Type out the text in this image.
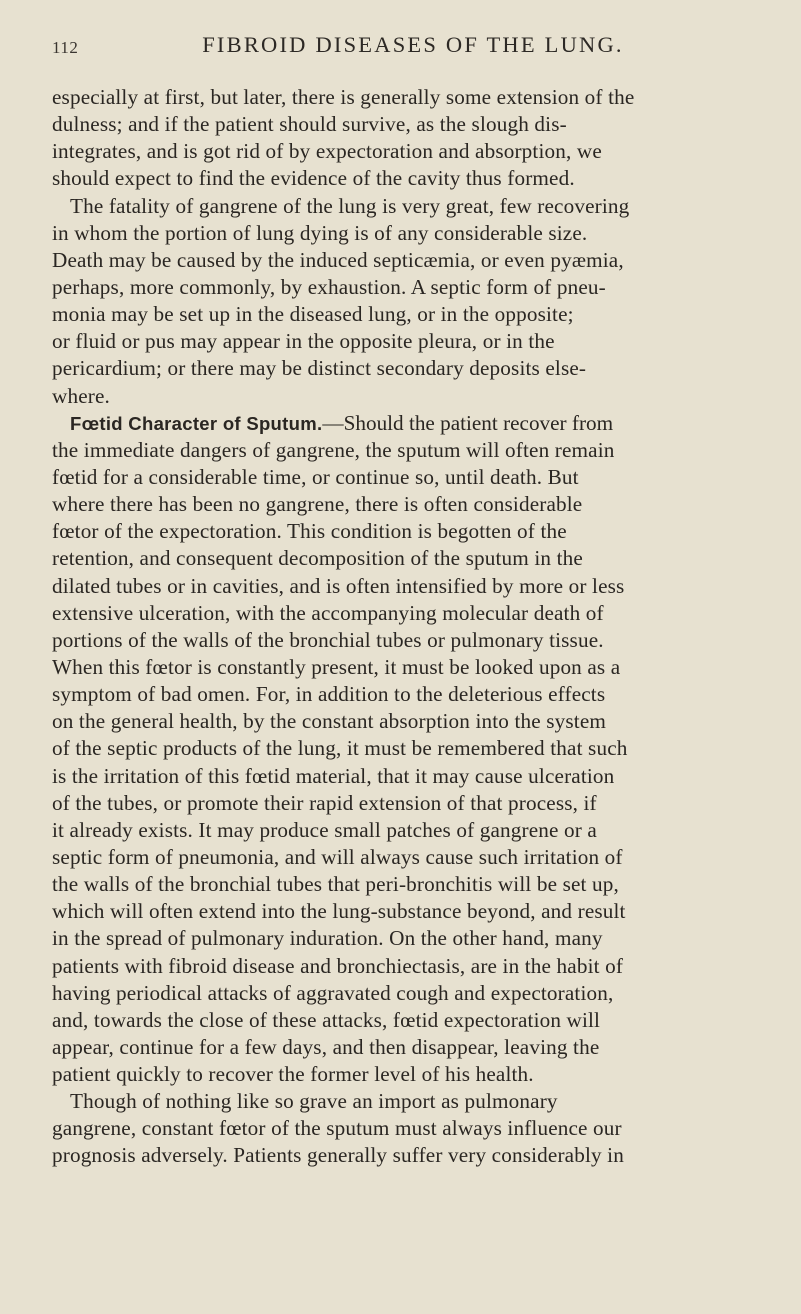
112	FIBROID DISEASES OF THE LUNG.
especially at first, but later, there is generally some extension of the
dulness; and if the patient should survive, as the slough dis-
integrates, and is got rid of by expectoration and absorption, we
should expect to find the evidence of the cavity thus formed.
The fatality of gangrene of the lung is very great, few recovering
in whom the portion of lung dying is of any considerable size.
Death may be caused by the induced septicæmia, or even pyæmia,
perhaps, more commonly, by exhaustion. A septic form of pneu-
monia may be set up in the diseased lung, or in the opposite;
or fluid or pus may appear in the opposite pleura, or in the
pericardium; or there may be distinct secondary deposits else-
where.
Fœtid Character of Sputum.—Should the patient recover from
the immediate dangers of gangrene, the sputum will often remain
fœtid for a considerable time, or continue so, until death. But
where there has been no gangrene, there is often considerable
fœtor of the expectoration. This condition is begotten of the
retention, and consequent decomposition of the sputum in the
dilated tubes or in cavities, and is often intensified by more or less
extensive ulceration, with the accompanying molecular death of
portions of the walls of the bronchial tubes or pulmonary tissue.
When this fœtor is constantly present, it must be looked upon as a
symptom of bad omen. For, in addition to the deleterious effects
on the general health, by the constant absorption into the system
of the septic products of the lung, it must be remembered that such
is the irritation of this fœtid material, that it may cause ulceration
of the tubes, or promote their rapid extension of that process, if
it already exists. It may produce small patches of gangrene or a
septic form of pneumonia, and will always cause such irritation of
the walls of the bronchial tubes that peri-bronchitis will be set up,
which will often extend into the lung-substance beyond, and result
in the spread of pulmonary induration. On the other hand, many
patients with fibroid disease and bronchiectasis, are in the habit of
having periodical attacks of aggravated cough and expectoration,
and, towards the close of these attacks, fœtid expectoration will
appear, continue for a few days, and then disappear, leaving the
patient quickly to recover the former level of his health.
Though of nothing like so grave an import as pulmonary
gangrene, constant fœtor of the sputum must always influence our
prognosis adversely. Patients generally suffer very considerably in
